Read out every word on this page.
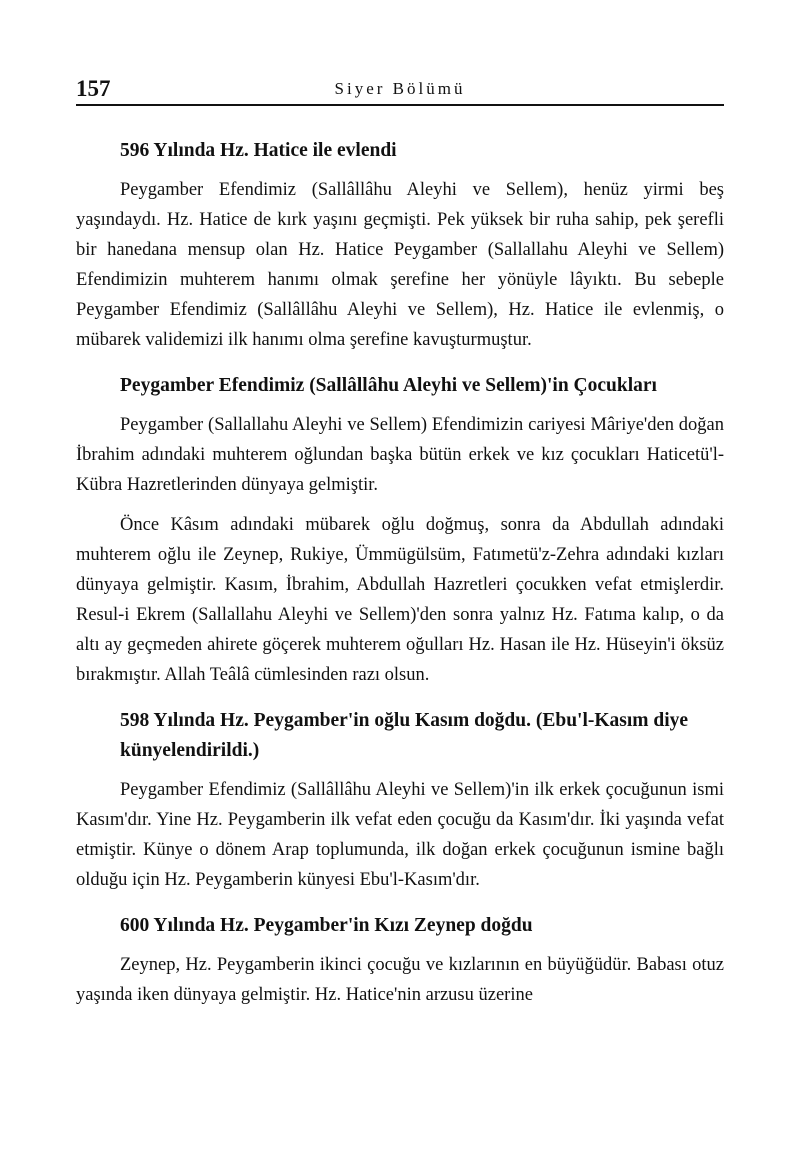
157	Siyer Bölümü
596 Yılında Hz. Hatice ile evlendi

Peygamber Efendimiz (Sallâllâhu Aleyhi ve Sellem), henüz yirmi beş yaşındaydı. Hz. Hatice de kırk yaşını geçmişti. Pek yüksek bir ruha sahip, pek şerefli bir hanedana mensup olan Hz. Hatice Peygamber (Sallallahu Aleyhi ve Sellem) Efendimizin muhterem hanımı olmak şerefine her yönüyle lâyıktı. Bu sebeple Peygamber Efendimiz (Sallâllâhu Aleyhi ve Sellem), Hz. Hatice ile evlenmiş, o mübarek validemizi ilk hanımı olma şerefine kavuşturmuştur.

Peygamber Efendimiz (Sallâllâhu Aleyhi ve Sellem)'in Çocukları

Peygamber (Sallallahu Aleyhi ve Sellem) Efendimizin cariyesi Mâriye'den doğan İbrahim adındaki muhterem oğlundan başka bütün erkek ve kız çocukları Haticetü'l-Kübra Hazretlerinden dünyaya gelmiştir.

Önce Kâsım adındaki mübarek oğlu doğmuş, sonra da Abdullah adındaki muhterem oğlu ile Zeynep, Rukiye, Ümmügülsüm, Fatımetü'z-Zehra adındaki kızları dünyaya gelmiştir. Kasım, İbrahim, Abdullah Hazretleri çocukken vefat etmişlerdir. Resul-i Ekrem (Sallallahu Aleyhi ve Sellem)'den sonra yalnız Hz. Fatıma kalıp, o da altı ay geçmeden ahirete göçerek muhterem oğulları Hz. Hasan ile Hz. Hüseyin'i öksüz bırakmıştır. Allah Teâlâ cümlesinden razı olsun.

598 Yılında Hz. Peygamber'in oğlu Kasım doğdu. (Ebu'l-Kasım diye künyelendirildi.)

Peygamber Efendimiz (Sallâllâhu Aleyhi ve Sellem)'in ilk erkek çocuğunun ismi Kasım'dır. Yine Hz. Peygamberin ilk vefat eden çocuğu da Kasım'dır. İki yaşında vefat etmiştir. Künye o dönem Arap toplumunda, ilk doğan erkek çocuğunun ismine bağlı olduğu için Hz. Peygamberin künyesi Ebu'l-Kasım'dır.

600 Yılında Hz. Peygamber'in Kızı Zeynep doğdu

Zeynep, Hz. Peygamberin ikinci çocuğu ve kızlarının en büyüğüdür. Babası otuz yaşında iken dünyaya gelmiştir. Hz. Hatice'nin arzusu üzerine
